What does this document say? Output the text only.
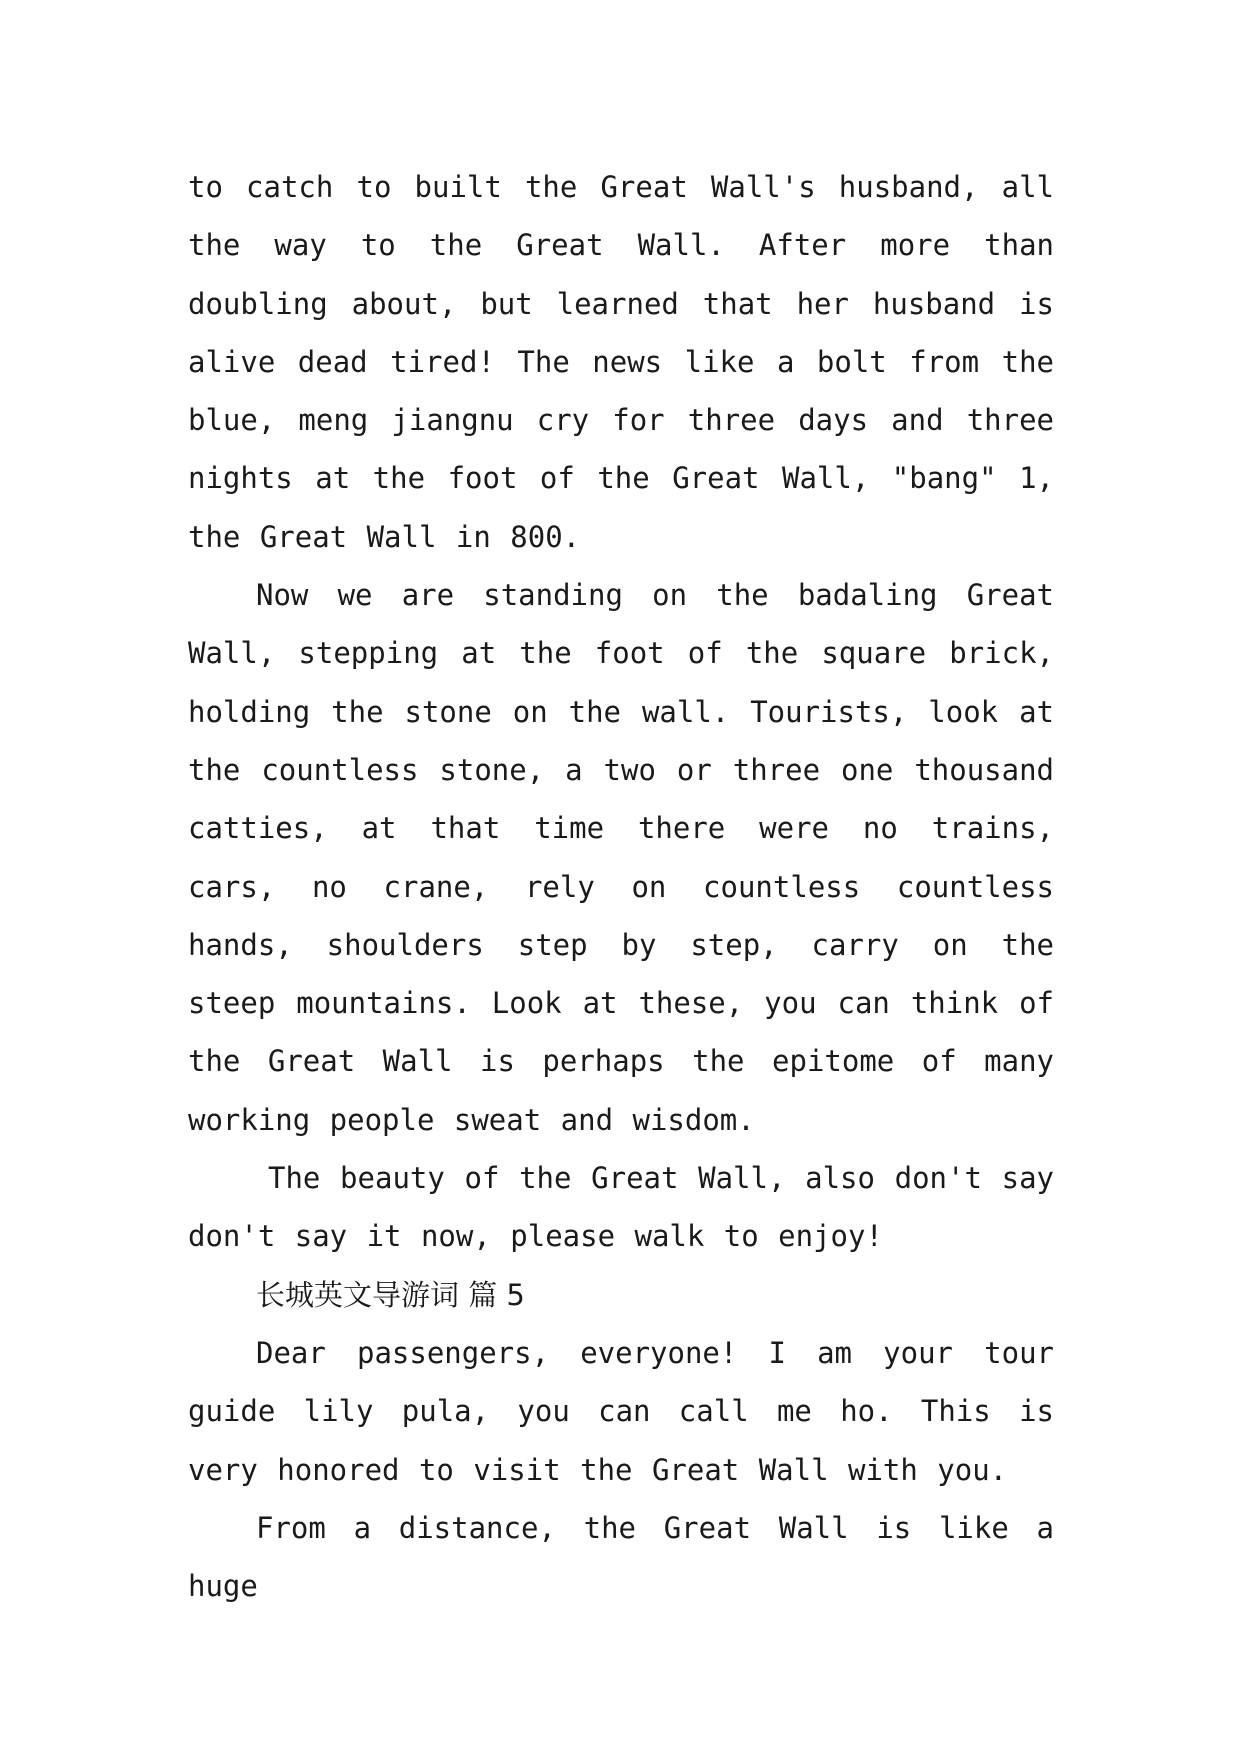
to catch to built the Great Wall's husband, all the way to the Great Wall. After more than doubling about, but learned that her husband is alive dead tired! The news like a bolt from the blue, meng jiangnu cry for three days and three nights at the foot of the Great Wall, "bang" 1, the Great Wall in 800.

Now we are standing on the badaling Great Wall, stepping at the foot of the square brick, holding the stone on the wall. Tourists, look at the countless stone, a two or three one thousand catties, at that time there were no trains, cars, no crane, rely on countless countless hands, shoulders step by step, carry on the steep mountains. Look at these, you can think of the Great Wall is perhaps the epitome of many working people sweat and wisdom.

The beauty of the Great Wall, also don't say don't say it now, please walk to enjoy!

长城英文导游词 篇 5

Dear passengers, everyone! I am your tour guide lily pula, you can call me ho. This is very honored to visit the Great Wall with you.

From a distance, the Great Wall is like a huge
